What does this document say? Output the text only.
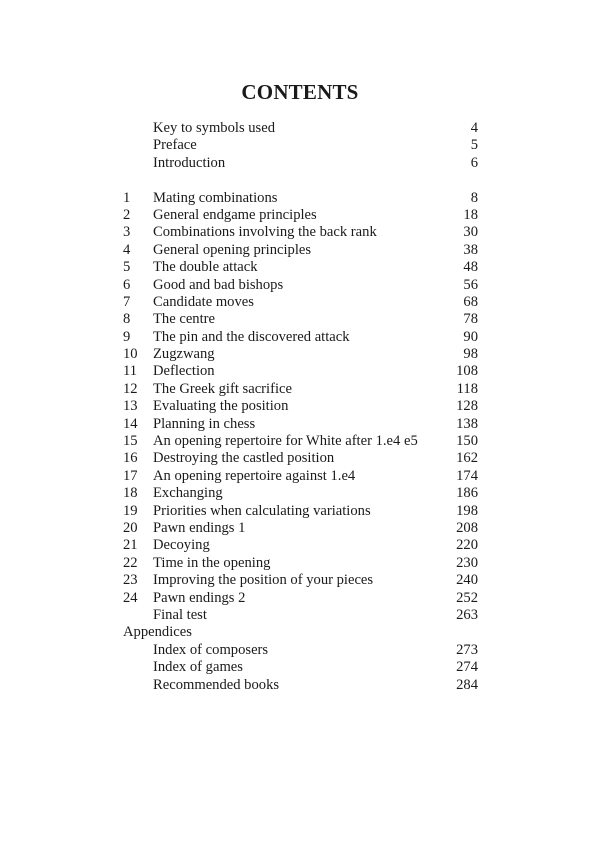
CONTENTS
Key to symbols used	4
Preface	5
Introduction	6
1 Mating combinations	8
2 General endgame principles	18
3 Combinations involving the back rank	30
4 General opening principles	38
5 The double attack	48
6 Good and bad bishops	56
7 Candidate moves	68
8 The centre	78
9 The pin and the discovered attack	90
10 Zugzwang	98
11 Deflection	108
12 The Greek gift sacrifice	118
13 Evaluating the position	128
14 Planning in chess	138
15 An opening repertoire for White after 1.e4 e5	150
16 Destroying the castled position	162
17 An opening repertoire against 1.e4	174
18 Exchanging	186
19 Priorities when calculating variations	198
20 Pawn endings 1	208
21 Decoying	220
22 Time in the opening	230
23 Improving the position of your pieces	240
24 Pawn endings 2	252
Final test	263
Appendices
Index of composers	273
Index of games	274
Recommended books	284
